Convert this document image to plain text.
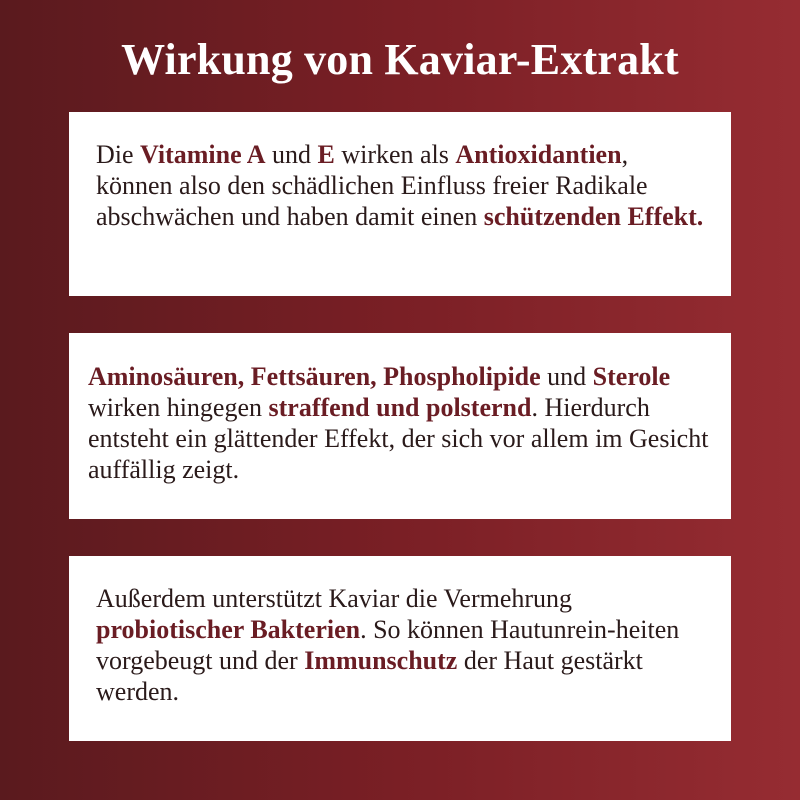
Wirkung von Kaviar-Extrakt

Die Vitamine A und E wirken als Antioxidantien, können also den schädlichen Einfluss freier Radikale abschwächen und haben damit einen schützenden Effekt.

Aminosäuren, Fettsäuren, Phospholipide und Sterole wirken hingegen straffend und polsternd. Hierdurch entsteht ein glättender Effekt, der sich vor allem im Gesicht auffällig zeigt.

Außerdem unterstützt Kaviar die Vermehrung probiotischer Bakterien. So können Hautunrein-heiten vorgebeugt und der Immunschutz der Haut gestärkt werden.
